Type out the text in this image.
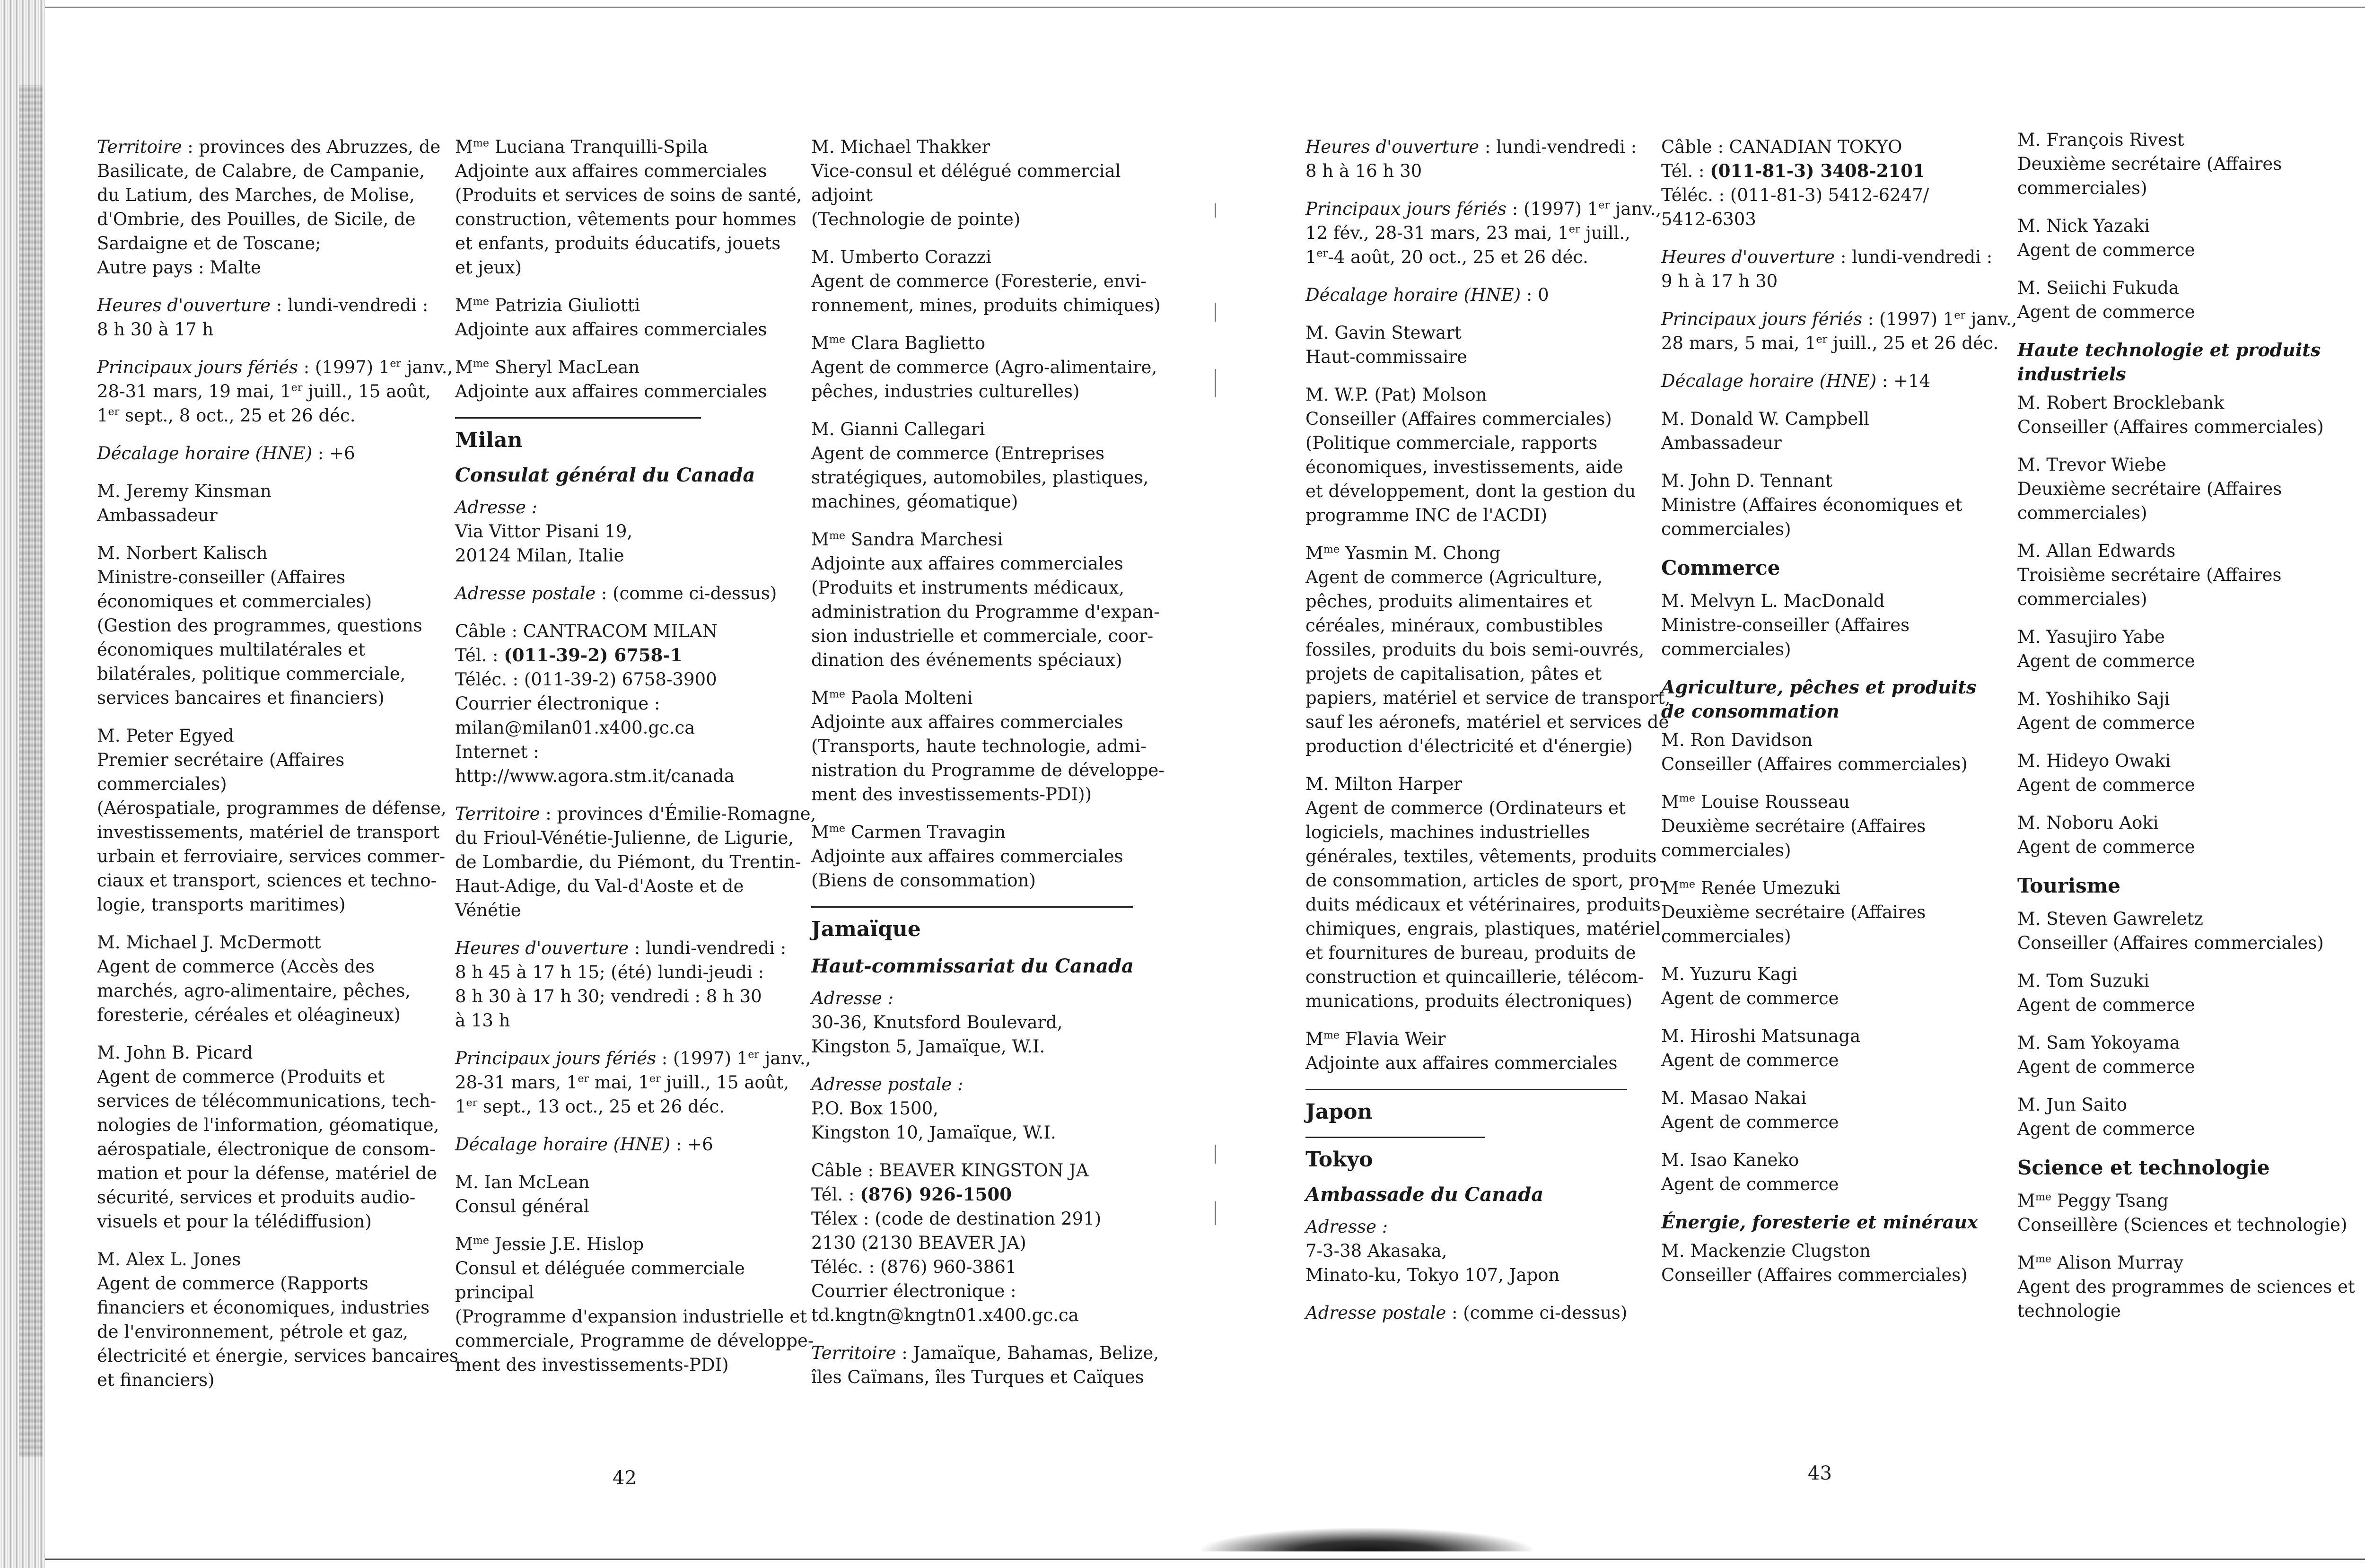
Territoire : provinces des Abruzzes, de
Basilicate, de Calabre, de Campanie,
du Latium, des Marches, de Molise,
d'Ombrie, des Pouilles, de Sicile, de
Sardaigne et de Toscane;
Autre pays : Malte
Heures d'ouverture : lundi-vendredi :
8 h 30 à 17 h
Principaux jours fériés : (1997) 1er janv.,
28-31 mars, 19 mai, 1er juill., 15 août,
1er sept., 8 oct., 25 et 26 déc.
Décalage horaire (HNE) : +6
M. Jeremy Kinsman
Ambassadeur
M. Norbert Kalisch
Ministre-conseiller (Affaires
économiques et commerciales)
(Gestion des programmes, questions
économiques multilatérales et
bilatérales, politique commerciale,
services bancaires et financiers)
M. Peter Egyed
Premier secrétaire (Affaires
commerciales)
(Aérospatiale, programmes de défense,
investissements, matériel de transport
urbain et ferroviaire, services commer-
ciaux et transport, sciences et techno-
logie, transports maritimes)
M. Michael J. McDermott
Agent de commerce (Accès des
marchés, agro-alimentaire, pêches,
foresterie, céréales et oléagineux)
M. John B. Picard
Agent de commerce (Produits et
services de télécommunications, tech-
nologies de l'information, géomatique,
aérospatiale, électronique de consom-
mation et pour la défense, matériel de
sécurité, services et produits audio-
visuels et pour la télédiffusion)
M. Alex L. Jones
Agent de commerce (Rapports
financiers et économiques, industries
de l'environnement, pétrole et gaz,
électricité et énergie, services bancaires
et financiers)
$M^{me}$ Luciana Tranquilli-Spila
Adjointe aux affaires commerciales
(Produits et services de soins de santé,
construction, vêtements pour hommes
et enfants, produits éducatifs, jouets
et jeux)
$M^{me}$ Patrizia Giuliotti
Adjointe aux affaires commerciales
$M^{me}$ Sheryl MacLean
Adjointe aux affaires commerciales
Milan
Consulat général du Canada
Adresse :
Via Vittor Pisani 19,
20124 Milan, Italie
Adresse postale : (comme ci-dessus)
Câble : CANTRACOM MILAN
Tél. : (011-39-2) 6758-1
Téléc. : (011-39-2) 6758-3900
Courrier électronique :
milan@milan01.x400.gc.ca
Internet :
http://www.agora.stm.it/canada
Territoire : provinces d'Émilie-Romagne,
du Frioul-Vénétie-Julienne, de Ligurie,
de Lombardie, du Piémont, du Trentin-
Haut-Adige, du Val-d'Aoste et de
Vénétie
Heures d'ouverture : lundi-vendredi :
8 h 45 à 17 h 15; (été) lundi-jeudi :
8 h 30 à 17 h 30; vendredi : 8 h 30
à 13 h
Principaux jours fériés : (1997) 1er janv.,
28-31 mars, 1er mai, 1er juill., 15 août,
1er sept., 13 oct., 25 et 26 déc.
Décalage horaire (HNE) : +6
M. Ian McLean
Consul général
$M^{me}$ Jessie J.E. Hislop
Consul et déléguée commerciale
principal
(Programme d'expansion industrielle et
commerciale, Programme de développe-
ment des investissements-PDI)
M. Michael Thakker
Vice-consul et délégué commercial
adjoint
(Technologie de pointe)
M. Umberto Corazzi
Agent de commerce (Foresterie, envi-
ronnement, mines, produits chimiques)
$M^{me}$ Clara Baglietto
Agent de commerce (Agro-alimentaire,
pêches, industries culturelles)
M. Gianni Callegari
Agent de commerce (Entreprises
stratégiques, automobiles, plastiques,
machines, géomatique)
$M^{me}$ Sandra Marchesi
Adjointe aux affaires commerciales
(Produits et instruments médicaux,
administration du Programme d'expan-
sion industrielle et commerciale, coor-
dination des événements spéciaux)
$M^{me}$ Paola Molteni
Adjointe aux affaires commerciales
(Transports, haute technologie, admi-
nistration du Programme de développe-
ment des investissements-PDI))
$M^{me}$ Carmen Travagin
Adjointe aux affaires commerciales
(Biens de consommation)
Jamaïque
Haut-commissariat du Canada
Adresse :
30-36, Knutsford Boulevard,
Kingston 5, Jamaïque, W.I.
Adresse postale :
P.O. Box 1500,
Kingston 10, Jamaïque, W.I.
Câble : BEAVER KINGSTON JA
Tél. : (876) 926-1500
Télex : (code de destination 291)
2130 (2130 BEAVER JA)
Téléc. : (876) 960-3861
Courrier électronique :
td.kngtn@kngtn01.x400.gc.ca
Territoire : Jamaïque, Bahamas, Belize,
îles Caïmans, îles Turques et Caïques
42
Heures d'ouverture : lundi-vendredi :
8 h à 16 h 30
Principaux jours fériés : (1997) 1er janv.,
12 fév., 28-31 mars, 23 mai, 1er juill.,
1er-4 août, 20 oct., 25 et 26 déc.
Décalage horaire (HNE) : 0
M. Gavin Stewart
Haut-commissaire
M. W.P. (Pat) Molson
Conseiller (Affaires commerciales)
(Politique commerciale, rapports
économiques, investissements, aide
et développement, dont la gestion du
programme INC de l'ACDI)
$M^{me}$ Yasmin M. Chong
Agent de commerce (Agriculture,
pêches, produits alimentaires et
céréales, minéraux, combustibles
fossiles, produits du bois semi-ouvrés,
projets de capitalisation, pâtes et
papiers, matériel et service de transport,
sauf les aéronefs, matériel et services de
production d'électricité et d'énergie)
M. Milton Harper
Agent de commerce (Ordinateurs et
logiciels, machines industrielles
générales, textiles, vêtements, produits
de consommation, articles de sport, pro-
duits médicaux et vétérinaires, produits
chimiques, engrais, plastiques, matériel
et fournitures de bureau, produits de
construction et quincaillerie, télécom-
munications, produits électroniques)
$M^{me}$ Flavia Weir
Adjointe aux affaires commerciales
Japon
Tokyo
Ambassade du Canada
Adresse :
7-3-38 Akasaka,
Minato-ku, Tokyo 107, Japon
Adresse postale : (comme ci-dessus)
Câble : CANADIAN TOKYO
Tél. : (011-81-3) 3408-2101
Téléc. : (011-81-3) 5412-6247/
5412-6303
Heures d'ouverture : lundi-vendredi :
9 h à 17 h 30
Principaux jours fériés : (1997) 1er janv.,
28 mars, 5 mai, 1er juill., 25 et 26 déc.
Décalage horaire (HNE) : +14
M. Donald W. Campbell
Ambassadeur
M. John D. Tennant
Ministre (Affaires économiques et
commerciales)
Commerce
M. Melvyn L. MacDonald
Ministre-conseiller (Affaires
commerciales)
Agriculture, pêches et produits
de consommation
M. Ron Davidson
Conseiller (Affaires commerciales)
$M^{me}$ Louise Rousseau
Deuxième secrétaire (Affaires
commerciales)
$M^{me}$ Renée Umezuki
Deuxième secrétaire (Affaires
commerciales)
M. Yuzuru Kagi
Agent de commerce
M. Hiroshi Matsunaga
Agent de commerce
M. Masao Nakai
Agent de commerce
M. Isao Kaneko
Agent de commerce
Énergie, foresterie et minéraux
M. Mackenzie Clugston
Conseiller (Affaires commerciales)
M. François Rivest
Deuxième secrétaire (Affaires
commerciales)
M. Nick Yazaki
Agent de commerce
M. Seiichi Fukuda
Agent de commerce
Haute technologie et produits
industriels
M. Robert Brocklebank
Conseiller (Affaires commerciales)
M. Trevor Wiebe
Deuxième secrétaire (Affaires
commerciales)
M. Allan Edwards
Troisième secrétaire (Affaires
commerciales)
M. Yasujiro Yabe
Agent de commerce
M. Yoshihiko Saji
Agent de commerce
M. Hideyo Owaki
Agent de commerce
M. Noboru Aoki
Agent de commerce
Tourisme
M. Steven Gawreletz
Conseiller (Affaires commerciales)
M. Tom Suzuki
Agent de commerce
M. Sam Yokoyama
Agent de commerce
M. Jun Saito
Agent de commerce
Science et technologie
$M^{me}$ Peggy Tsang
Conseillère (Sciences et technologie)
$M^{me}$ Alison Murray
Agent des programmes de sciences et
technologie
43
